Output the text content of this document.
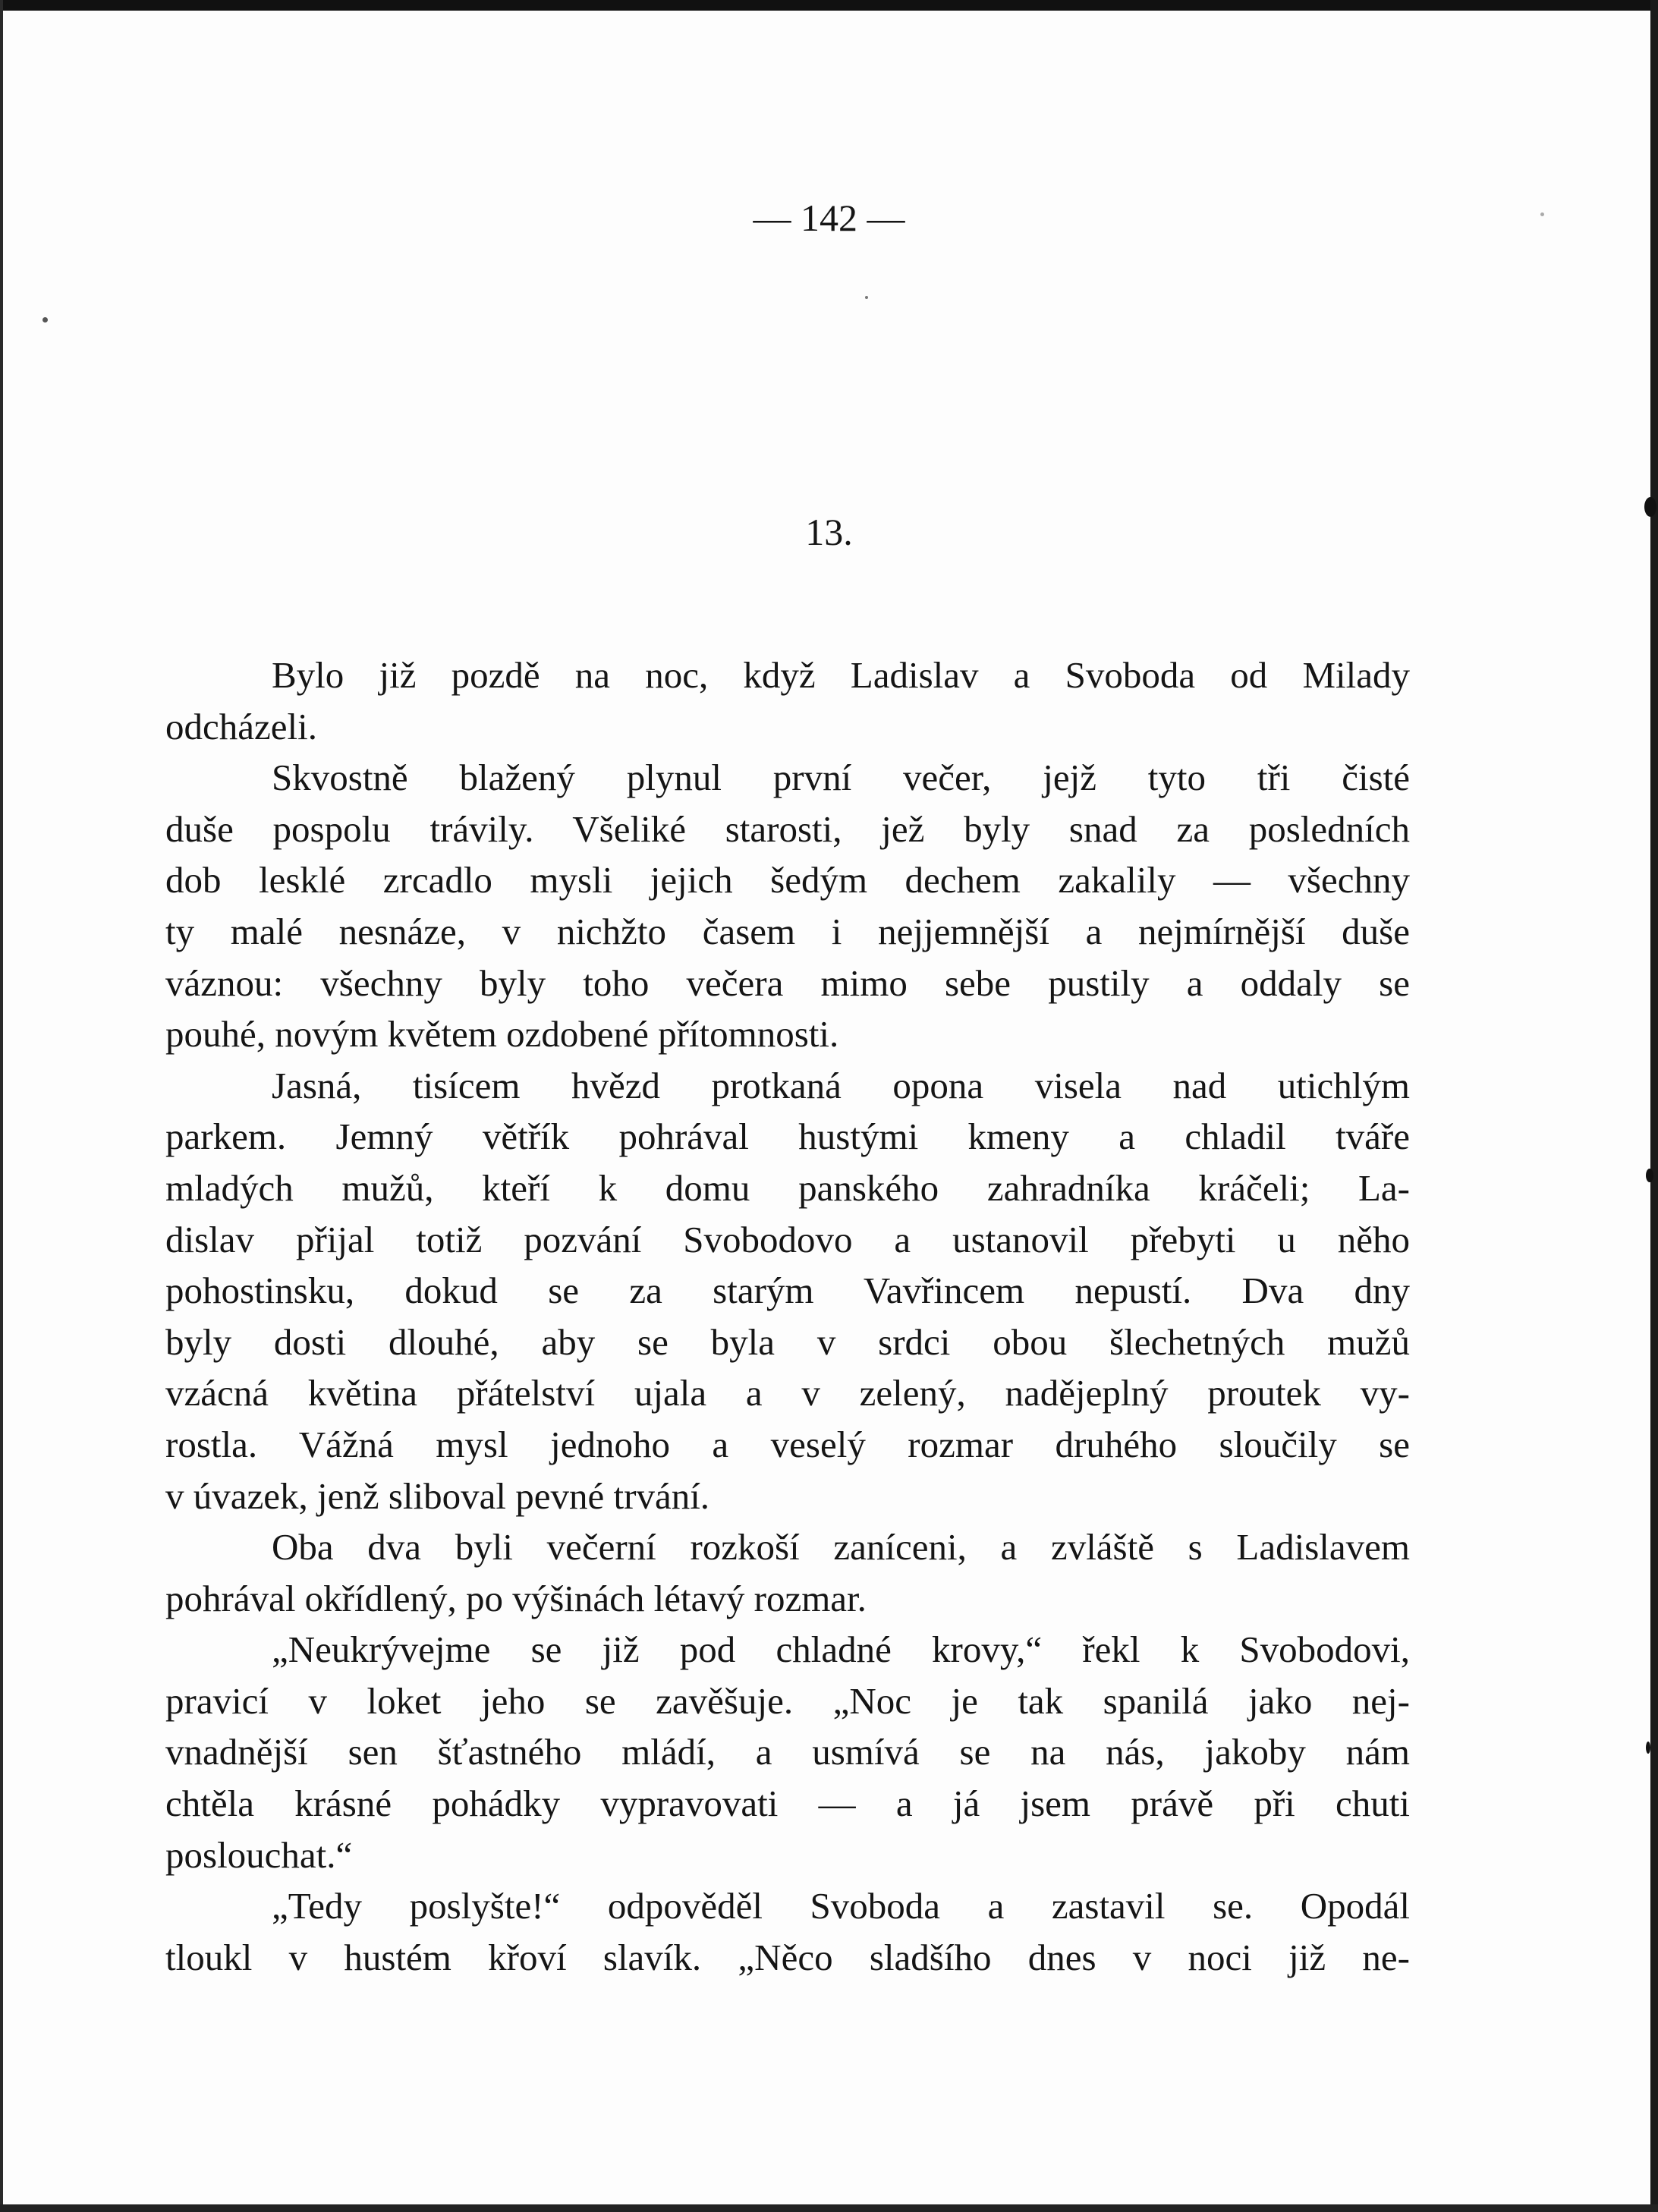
— 142 —
13.
Bylo již pozdě na noc, když Ladislav a Svoboda od Milady
odcházeli.
Skvostně blažený plynul první večer, jejž tyto tři čisté
duše pospolu trávily. Všeliké starosti, jež byly snad za posledních
dob lesklé zrcadlo mysli jejich šedým dechem zakalily — všechny
ty malé nesnáze, v nichžto časem i nejjemnější a nejmírnější duše
váznou: všechny byly toho večera mimo sebe pustily a oddaly se
pouhé, novým květem ozdobené přítomnosti.
Jasná, tisícem hvězd protkaná opona visela nad utichlým
parkem. Jemný větřík pohrával hustými kmeny a chladil tváře
mladých mužů, kteří k domu panského zahradníka kráčeli; La-
dislav přijal totiž pozvání Svobodovo a ustanovil přebyti u něho
pohostinsku, dokud se za starým Vavřincem nepustí. Dva dny
byly dosti dlouhé, aby se byla v srdci obou šlechetných mužů
vzácná květina přátelství ujala a v zelený, nadějeplný proutek vy-
rostla. Vážná mysl jednoho a veselý rozmar druhého sloučily se
v úvazek, jenž sliboval pevné trvání.
Oba dva byli večerní rozkoší zaníceni, a zvláště s Ladislavem
pohrával okřídlený, po výšinách létavý rozmar.
„Neukrývejme se již pod chladné krovy,“ řekl k Svobodovi,
pravicí v loket jeho se zavěšuje. „Noc je tak spanilá jako nej-
vnadnější sen šťastného mládí, a usmívá se na nás, jakoby nám
chtěla krásné pohádky vypravovati — a já jsem právě při chuti
poslouchat.“
„Tedy poslyšte!“ odpověděl Svoboda a zastavil se. Opodál
tloukl v hustém křoví slavík. „Něco sladšího dnes v noci již ne-
